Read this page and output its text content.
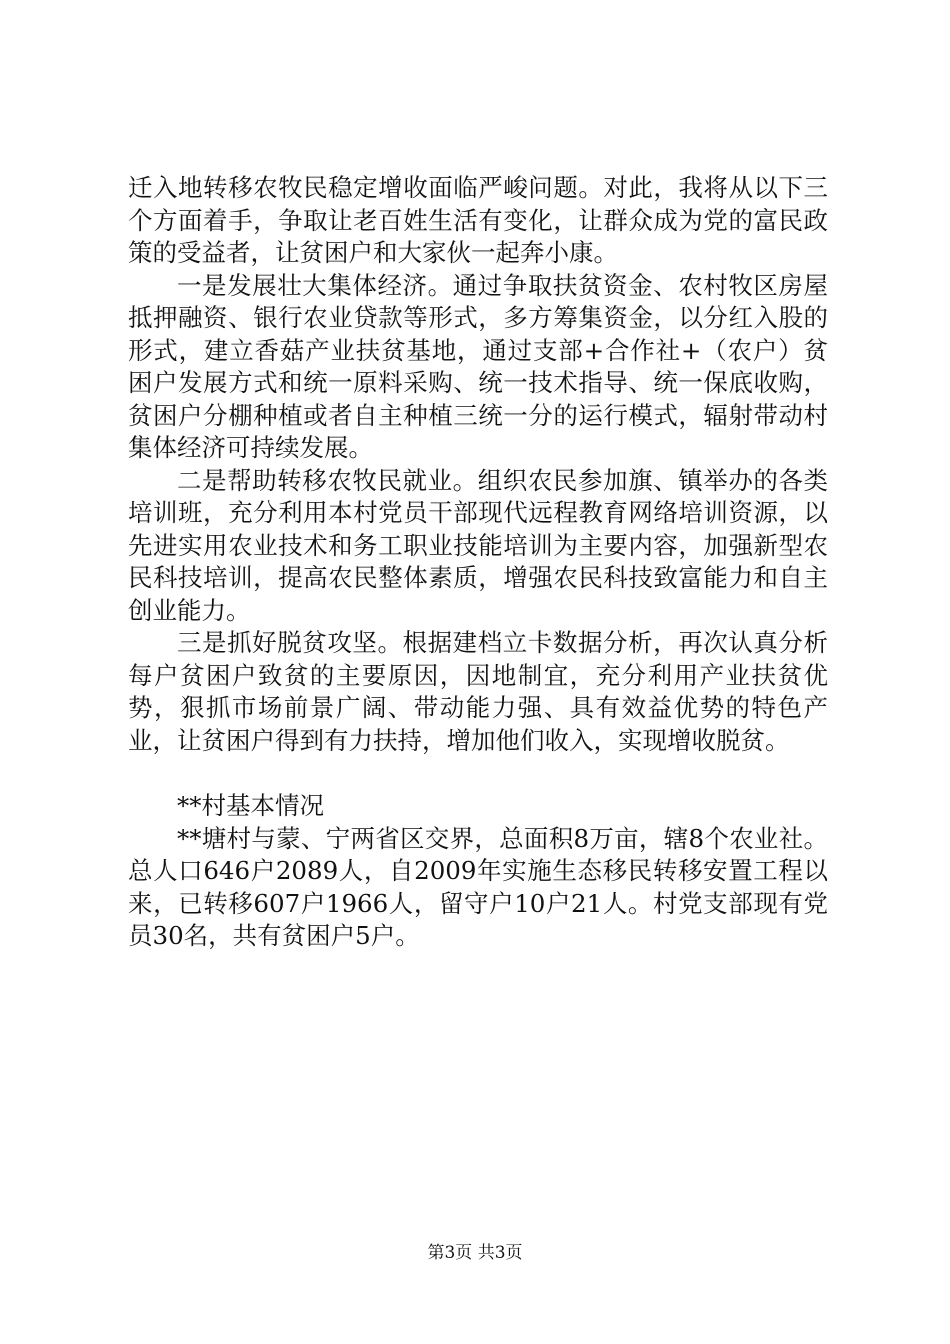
迁入地转移农牧民稳定增收面临严峻问题。对此，我将从以下三个方面着手，争取让老百姓生活有变化，让群众成为党的富民政策的受益者，让贫困户和大家伙一起奔小康。

一是发展壮大集体经济。通过争取扶贫资金、农村牧区房屋抵押融资、银行农业贷款等形式，多方筹集资金，以分红入股的形式，建立香菇产业扶贫基地，通过支部+合作社+（农户）贫困户发展方式和统一原料采购、统一技术指导、统一保底收购，贫困户分棚种植或者自主种植三统一分的运行模式，辐射带动村集体经济可持续发展。

二是帮助转移农牧民就业。组织农民参加旗、镇举办的各类培训班，充分利用本村党员干部现代远程教育网络培训资源，以先进实用农业技术和务工职业技能培训为主要内容，加强新型农民科技培训，提高农民整体素质，增强农民科技致富能力和自主创业能力。

三是抓好脱贫攻坚。根据建档立卡数据分析，再次认真分析每户贫困户致贫的主要原因，因地制宜，充分利用产业扶贫优势，狠抓市场前景广阔、带动能力强、具有效益优势的特色产业，让贫困户得到有力扶持，增加他们收入，实现增收脱贫。

**村基本情况

**塘村与蒙、宁两省区交界，总面积8万亩，辖8个农业社。总人口646户2089人，自2009年实施生态移民转移安置工程以来，已转移607户1966人，留守户10户21人。村党支部现有党员30名，共有贫困户5户。

第3页 共3页
